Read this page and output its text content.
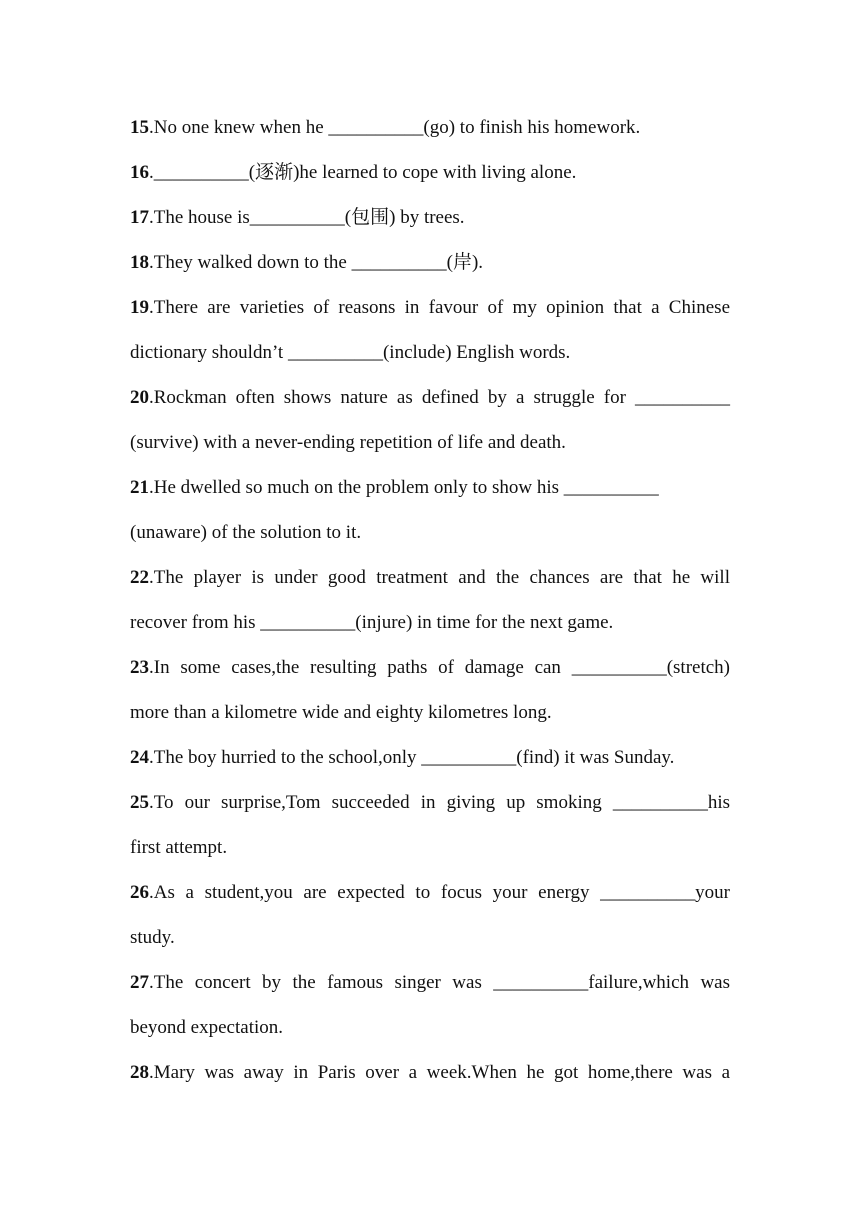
15.No one knew when he __________(go) to finish his homework.

16.__________(逐渐)he learned to cope with living alone.

17.The house is__________(包围) by trees.

18.They walked down to the __________(岸).

19.There are varieties of reasons in favour of my opinion that a Chinese

dictionary shouldn’t __________(include) English words.

20.Rockman often shows nature as defined by a struggle for __________

(survive) with a never-ending repetition of life and death.

21.He dwelled so much on the problem only to show his __________

(unaware) of the solution to it.

22.The player is under good treatment and the chances are that he will

recover from his __________(injure) in time for the next game.

23.In some cases,the resulting paths of damage can __________(stretch)

more than a kilometre wide and eighty kilometres long.

24.The boy hurried to the school,only __________(find) it was Sunday.

25.To our surprise,Tom succeeded in giving up smoking __________his

first attempt.

26.As a student,you are expected to focus your energy __________your

study.

27.The concert by the famous singer was __________failure,which was

beyond expectation.

28.Mary was away in Paris over a week.When he got home,there was a
